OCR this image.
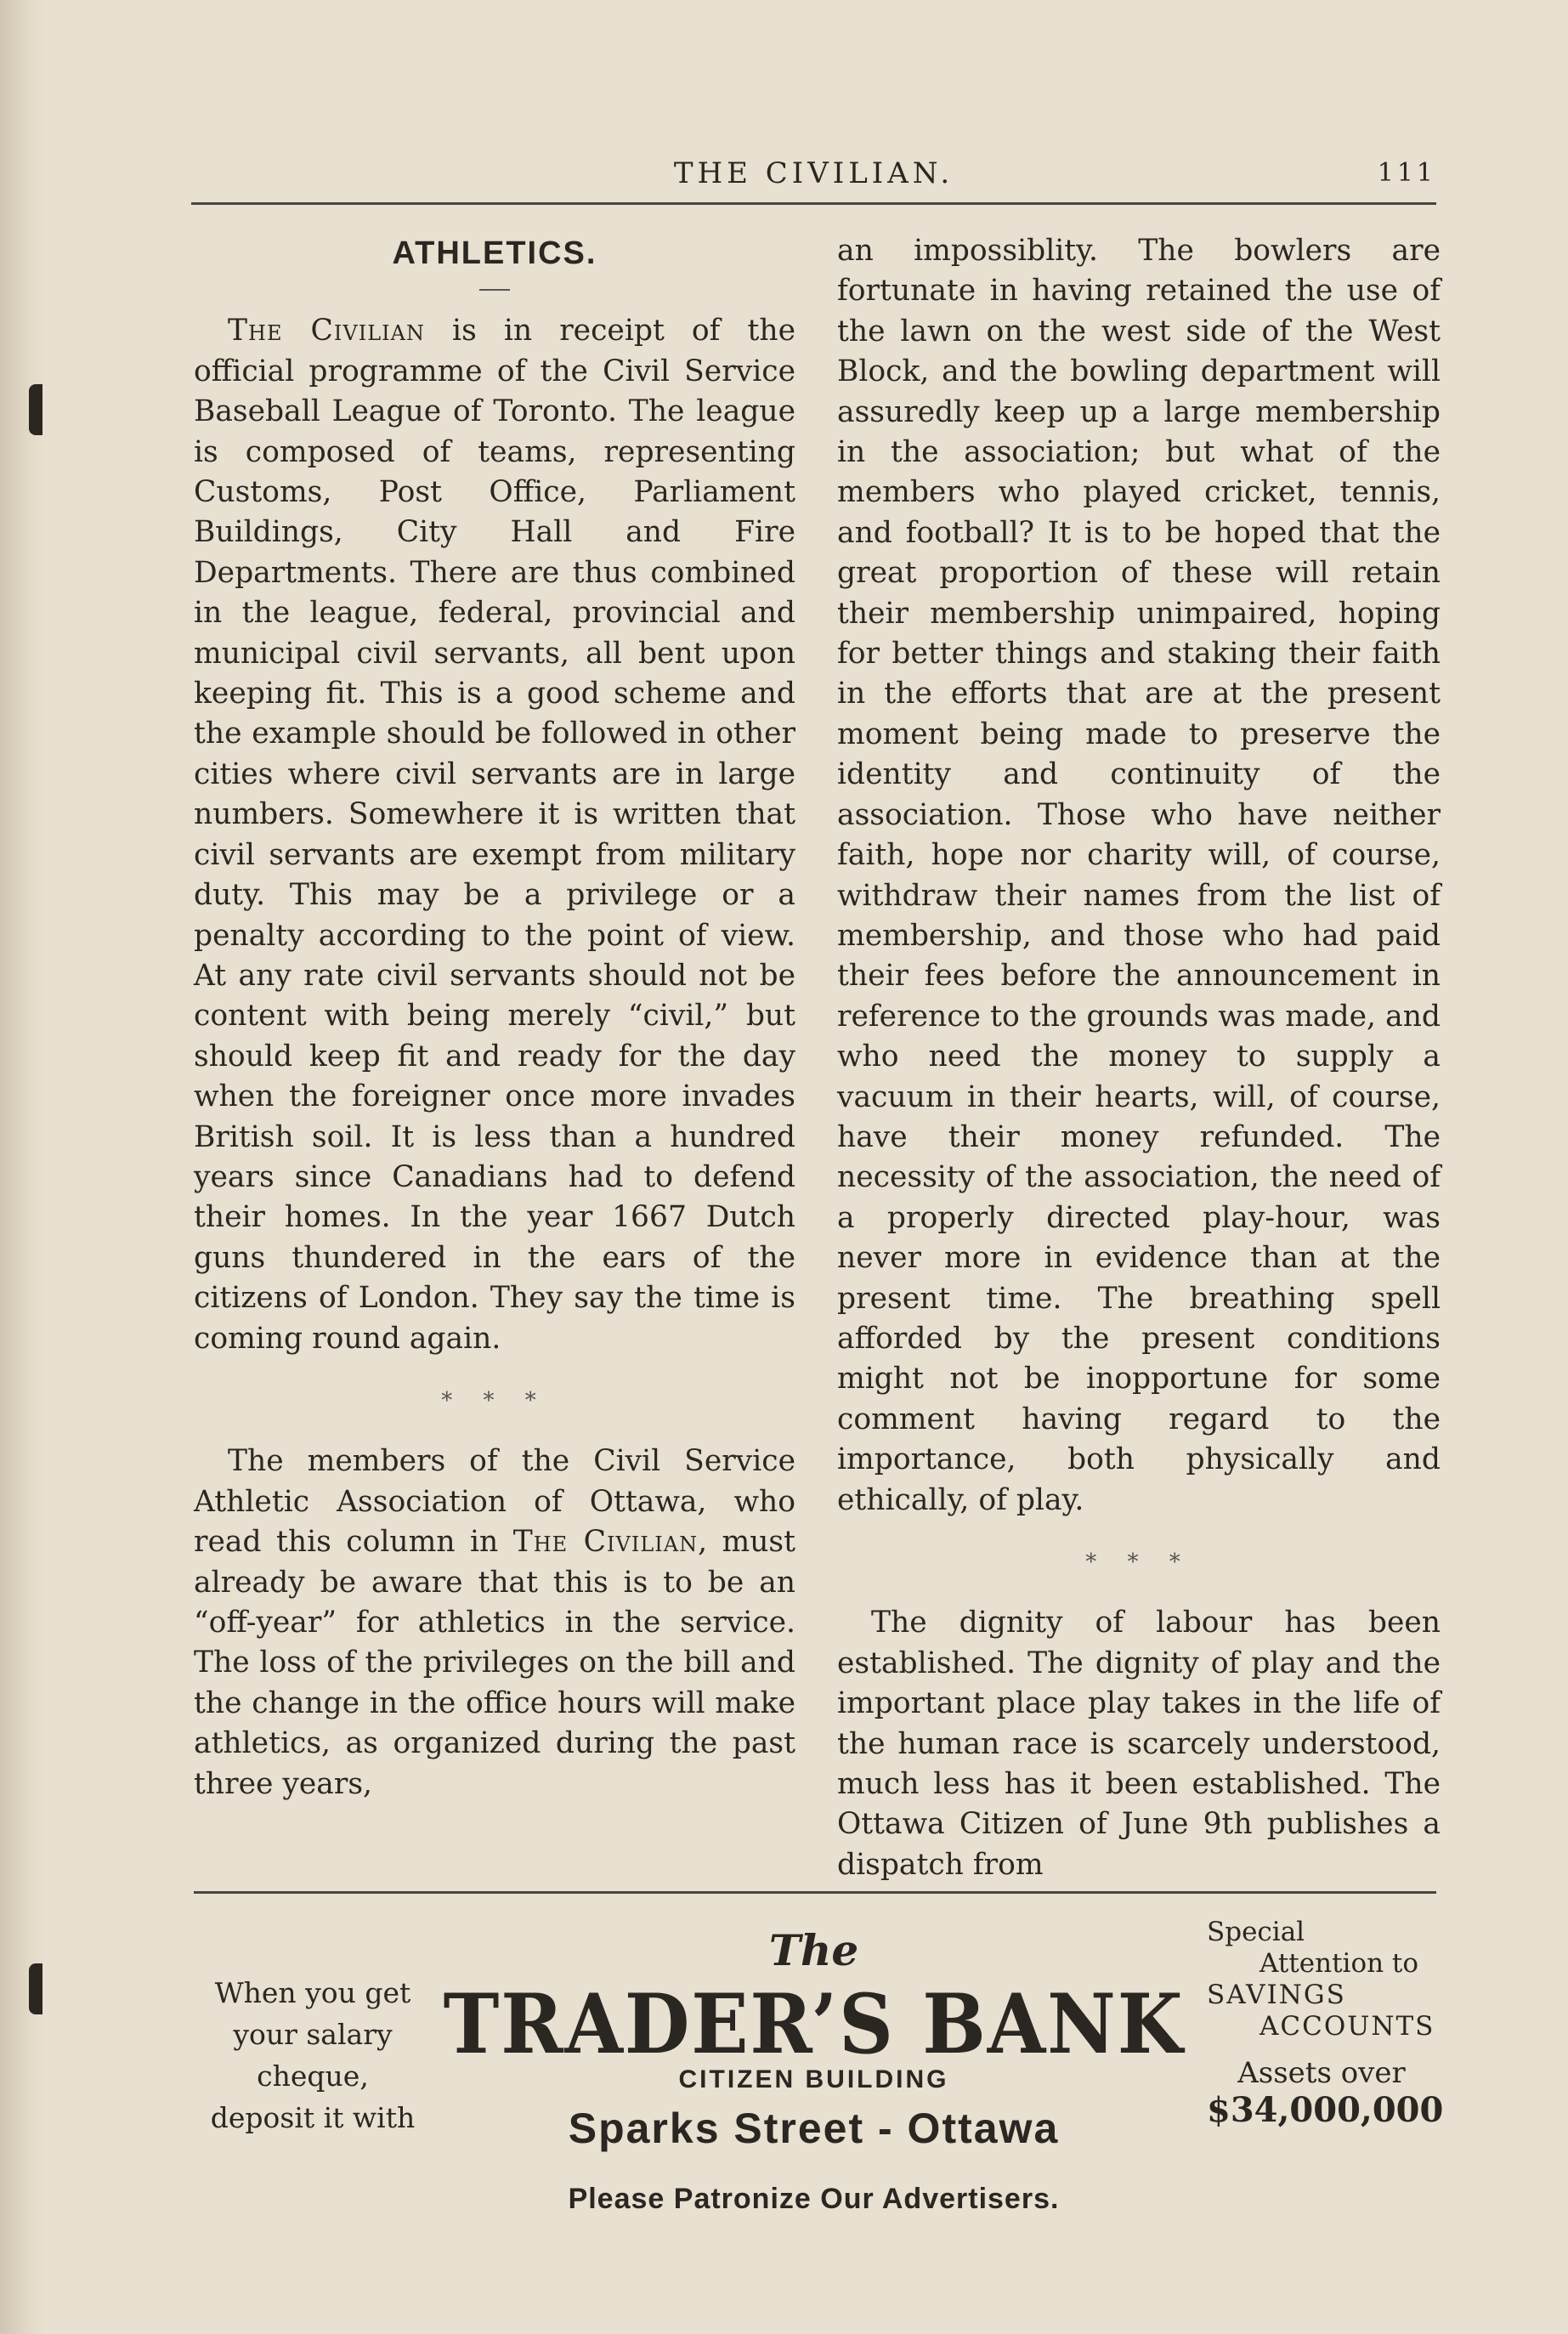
THE CIVILIAN.	111
ATHLETICS.

The Civilian is in receipt of the official programme of the Civil Service Baseball League of Toronto. The league is composed of teams, representing Customs, Post Office, Parliament Buildings, City Hall and Fire Departments. There are thus combined in the league, federal, provincial and municipal civil servants, all bent upon keeping fit. This is a good scheme and the example should be followed in other cities where civil servants are in large numbers. Somewhere it is written that civil servants are exempt from military duty. This may be a privilege or a penalty according to the point of view. At any rate civil servants should not be content with being merely “civil,” but should keep fit and ready for the day when the foreigner once more invades British soil. It is less than a hundred years since Canadians had to defend their homes. In the year 1667 Dutch guns thundered in the ears of the citizens of London. They say the time is coming round again.

* * *

The members of the Civil Service Athletic Association of Ottawa, who read this column in The Civilian, must already be aware that this is to be an “off-year” for athletics in the service. The loss of the privileges on the bill and the change in the office hours will make athletics, as organized during the past three years,

an impossiblity. The bowlers are fortunate in having retained the use of the lawn on the west side of the West Block, and the bowling department will assuredly keep up a large membership in the association; but what of the members who played cricket, tennis, and football? It is to be hoped that the great proportion of these will retain their membership unimpaired, hoping for better things and staking their faith in the efforts that are at the present moment being made to preserve the identity and continuity of the association. Those who have neither faith, hope nor charity will, of course, withdraw their names from the list of membership, and those who had paid their fees before the announcement in reference to the grounds was made, and who need the money to supply a vacuum in their hearts, will, of course, have their money refunded. The necessity of the association, the need of a properly directed play-hour, was never more in evidence than at the present time. The breathing spell afforded by the present conditions might not be inopportune for some comment having regard to the importance, both physically and ethically, of play.

* * *

The dignity of labour has been established. The dignity of play and the important place play takes in the life of the human race is scarcely understood, much less has it been established. The Ottawa Citizen of June 9th publishes a dispatch from

When you get
your salary
cheque,
deposit it with
The
TRADER’S BANK
CITIZEN BUILDING
Sparks Street - Ottawa
Special
Attention to
SAVINGS
ACCOUNTS
Assets over
$34,000,000
Please Patronize Our Advertisers.
